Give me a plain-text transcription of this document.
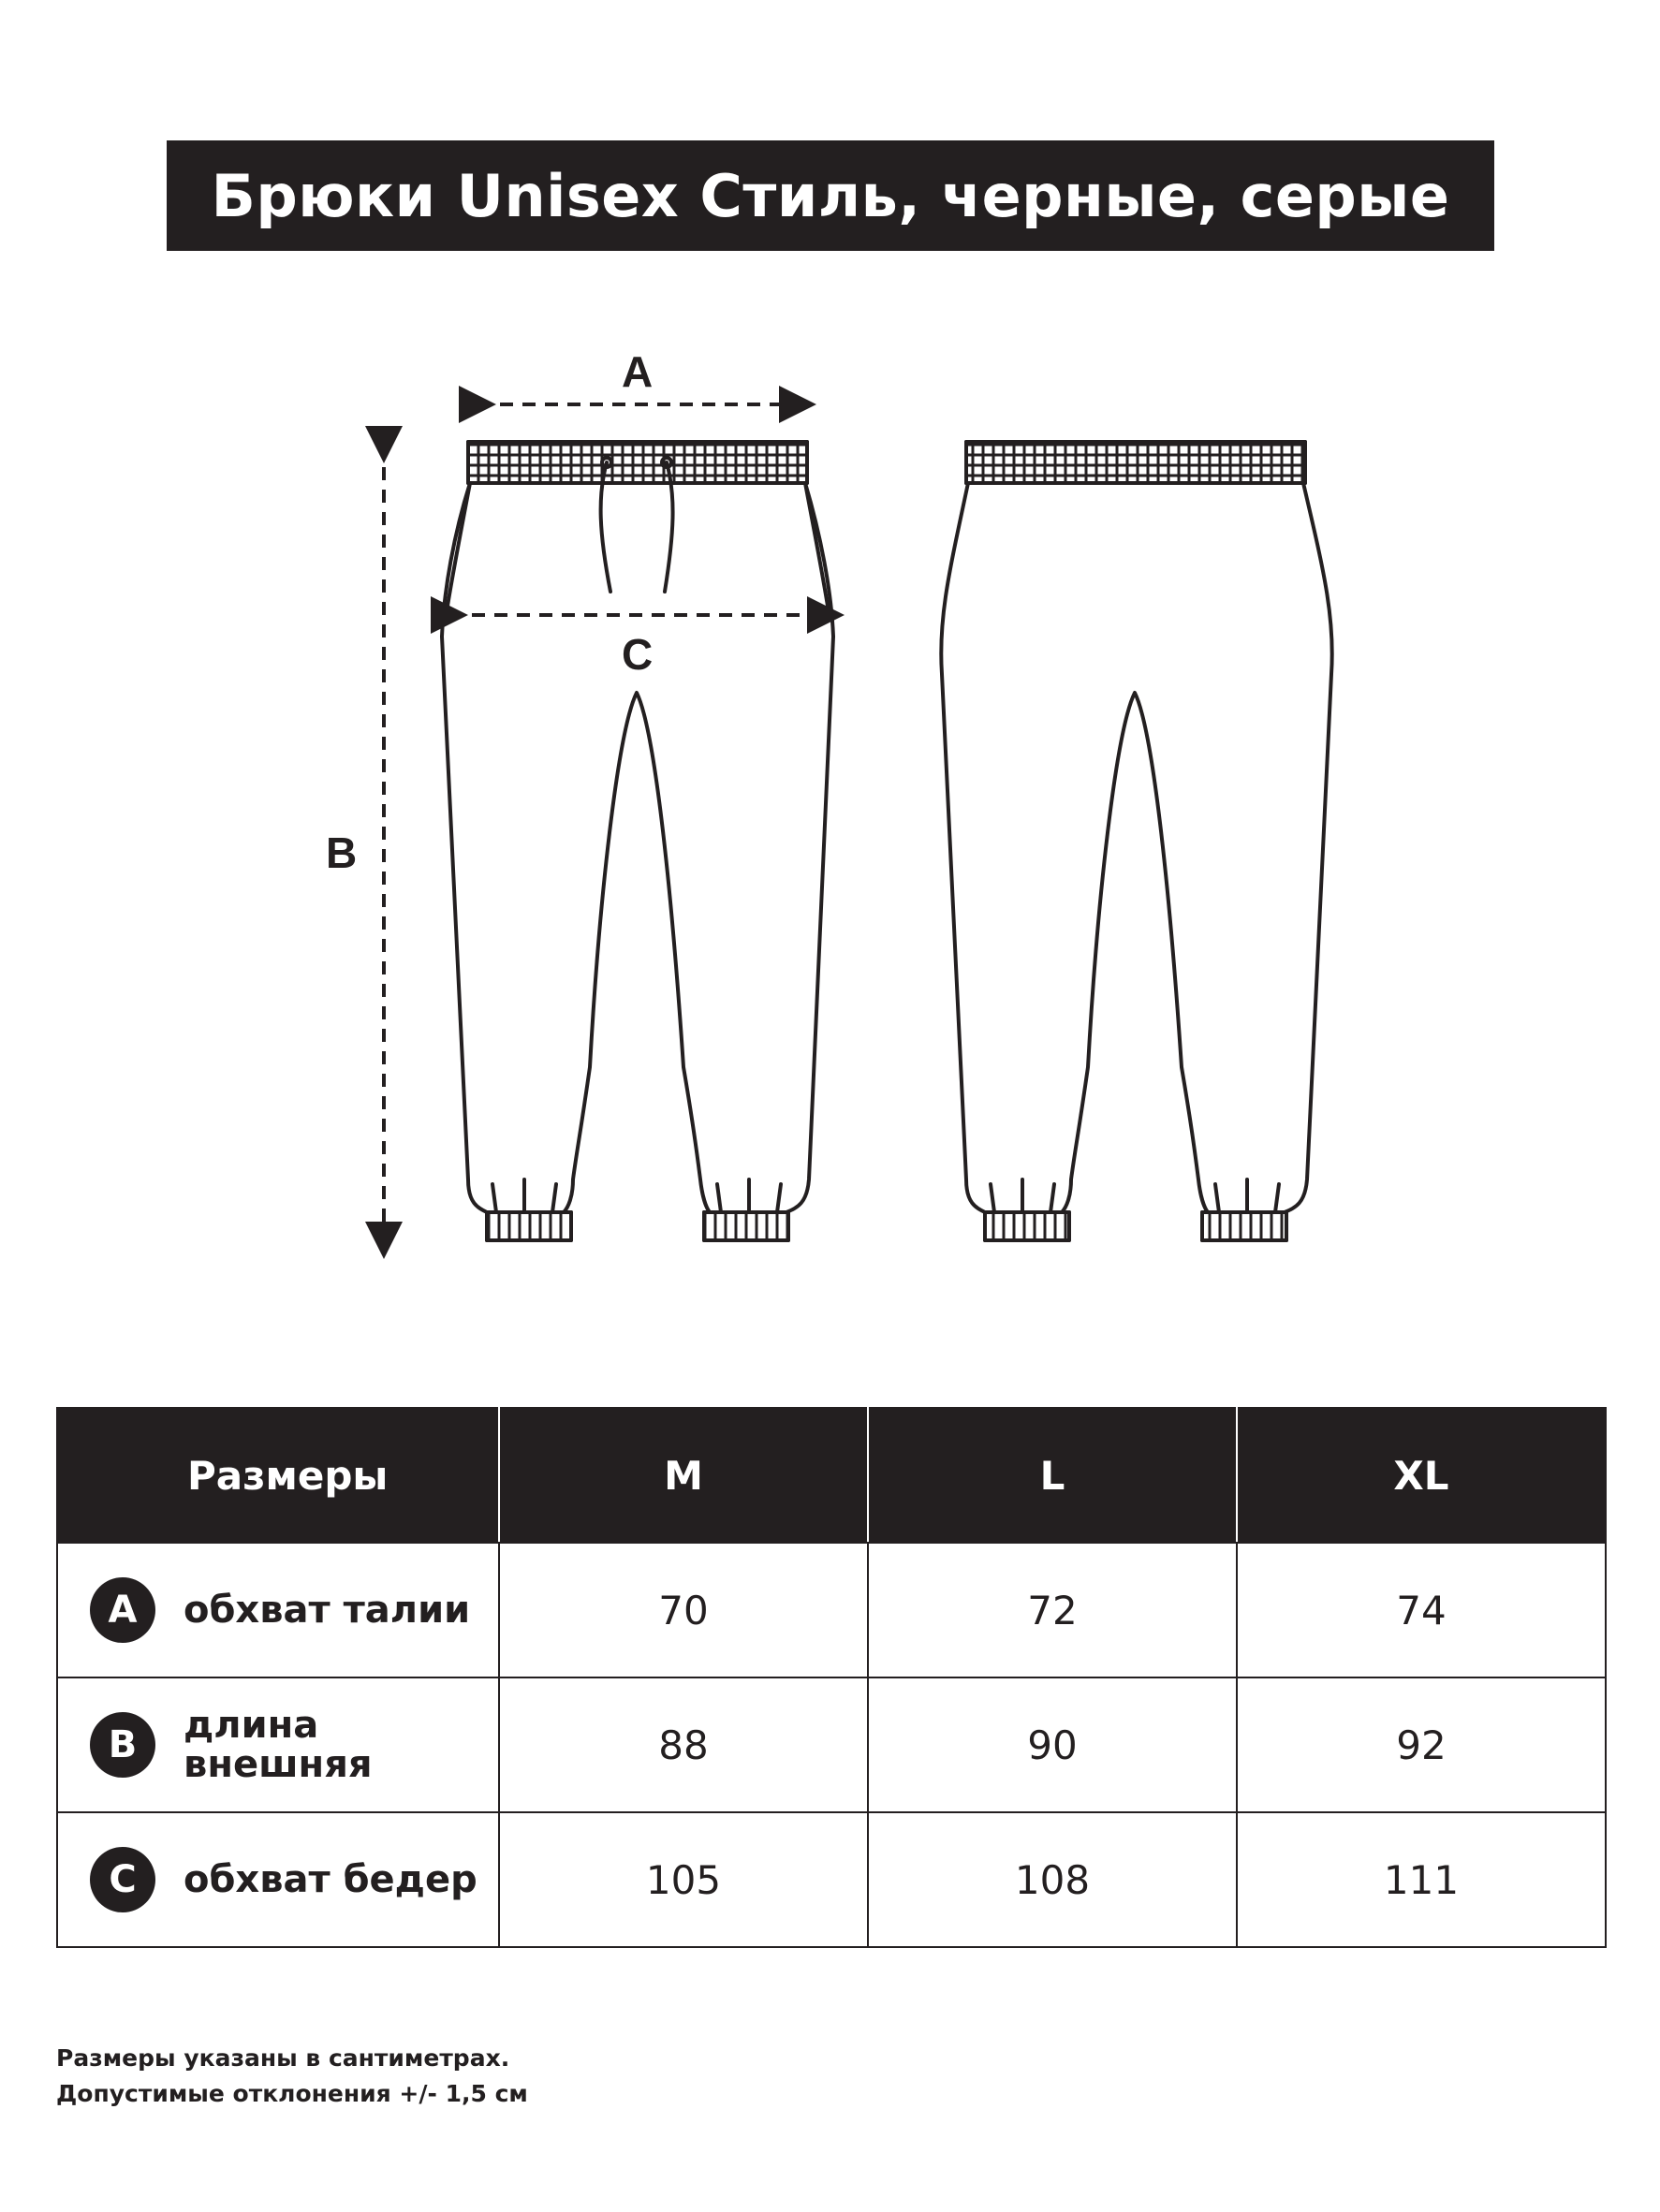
Брюки Unisex Стиль, черные, серые
A
C
B
Размеры	M	L	XL

A обхват талии	70	72	74

B длина
внешняя	88	90	92

C обхват бедер	105	108	111
Размеры указаны в сантиметрах.
Допустимые отклонения +/- 1,5 см
